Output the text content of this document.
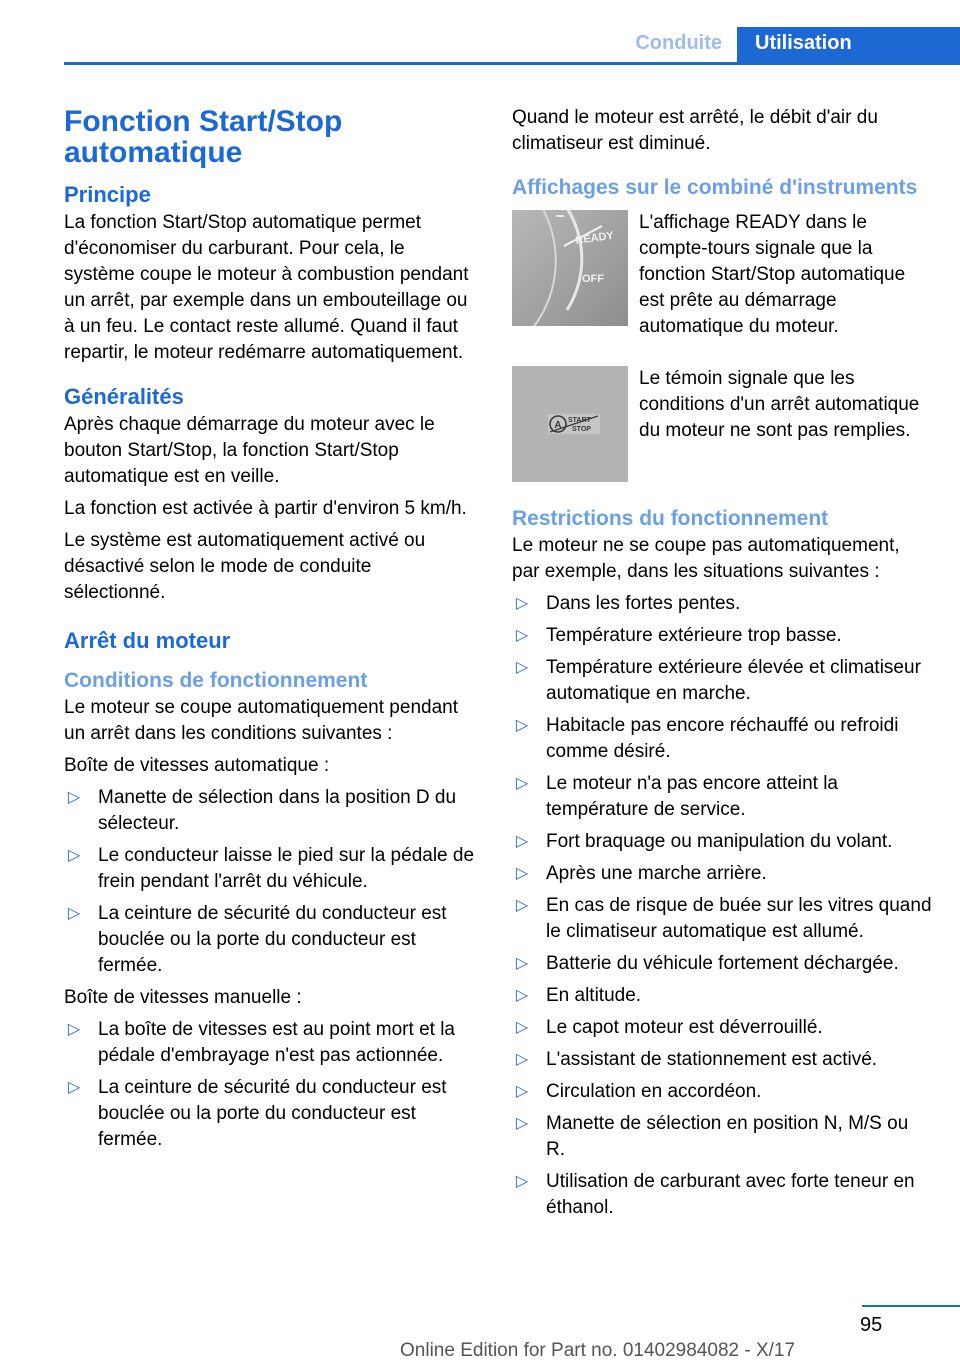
Conduite	Utilisation
Fonction Start/Stop automatique
Principe

La fonction Start/Stop automatique permet d'économiser du carburant. Pour cela, le système coupe le moteur à combustion pendant un arrêt, par exemple dans un embouteillage ou à un feu. Le contact reste allumé. Quand il faut repartir, le moteur redémarre automatiquement.

Généralités

Après chaque démarrage du moteur avec le bouton Start/Stop, la fonction Start/Stop automatique est en veille.

La fonction est activée à partir d'environ 5 km/h.

Le système est automatiquement activé ou désactivé selon le mode de conduite sélectionné.

Arrêt du moteur
Conditions de fonctionnement

Le moteur se coupe automatiquement pendant un arrêt dans les conditions suivantes :

Boîte de vitesses automatique :

▷ Manette de sélection dans la position D du sélecteur.
▷ Le conducteur laisse le pied sur la pédale de frein pendant l'arrêt du véhicule.
▷ La ceinture de sécurité du conducteur est bouclée ou la porte du conducteur est fermée.

Boîte de vitesses manuelle :

▷ La boîte de vitesses est au point mort et la pédale d'embrayage n'est pas actionnée.
▷ La ceinture de sécurité du conducteur est bouclée ou la porte du conducteur est fermée.

Quand le moteur est arrêté, le débit d'air du climatiseur est diminué.

Affichages sur le combiné d'instruments
READY
OFF
L'affichage READY dans le compte-tours signale que la fonction Start/Stop automatique est prête au démarrage automatique du moteur.
A START
STOP
Le témoin signale que les conditions d'un arrêt automatique du moteur ne sont pas remplies.
Restrictions du fonctionnement

Le moteur ne se coupe pas automatiquement, par exemple, dans les situations suivantes :

▷ Dans les fortes pentes.
▷ Température extérieure trop basse.
▷ Température extérieure élevée et climatiseur automatique en marche.
▷ Habitacle pas encore réchauffé ou refroidi comme désiré.
▷ Le moteur n'a pas encore atteint la température de service.
▷ Fort braquage ou manipulation du volant.
▷ Après une marche arrière.
▷ En cas de risque de buée sur les vitres quand le climatiseur automatique est allumé.
▷ Batterie du véhicule fortement déchargée.
▷ En altitude.
▷ Le capot moteur est déverrouillé.
▷ L'assistant de stationnement est activé.
▷ Circulation en accordéon.
▷ Manette de sélection en position N, M/S ou R.
▷ Utilisation de carburant avec forte teneur en éthanol.
95
Online Edition for Part no. 01402984082 - X/17
